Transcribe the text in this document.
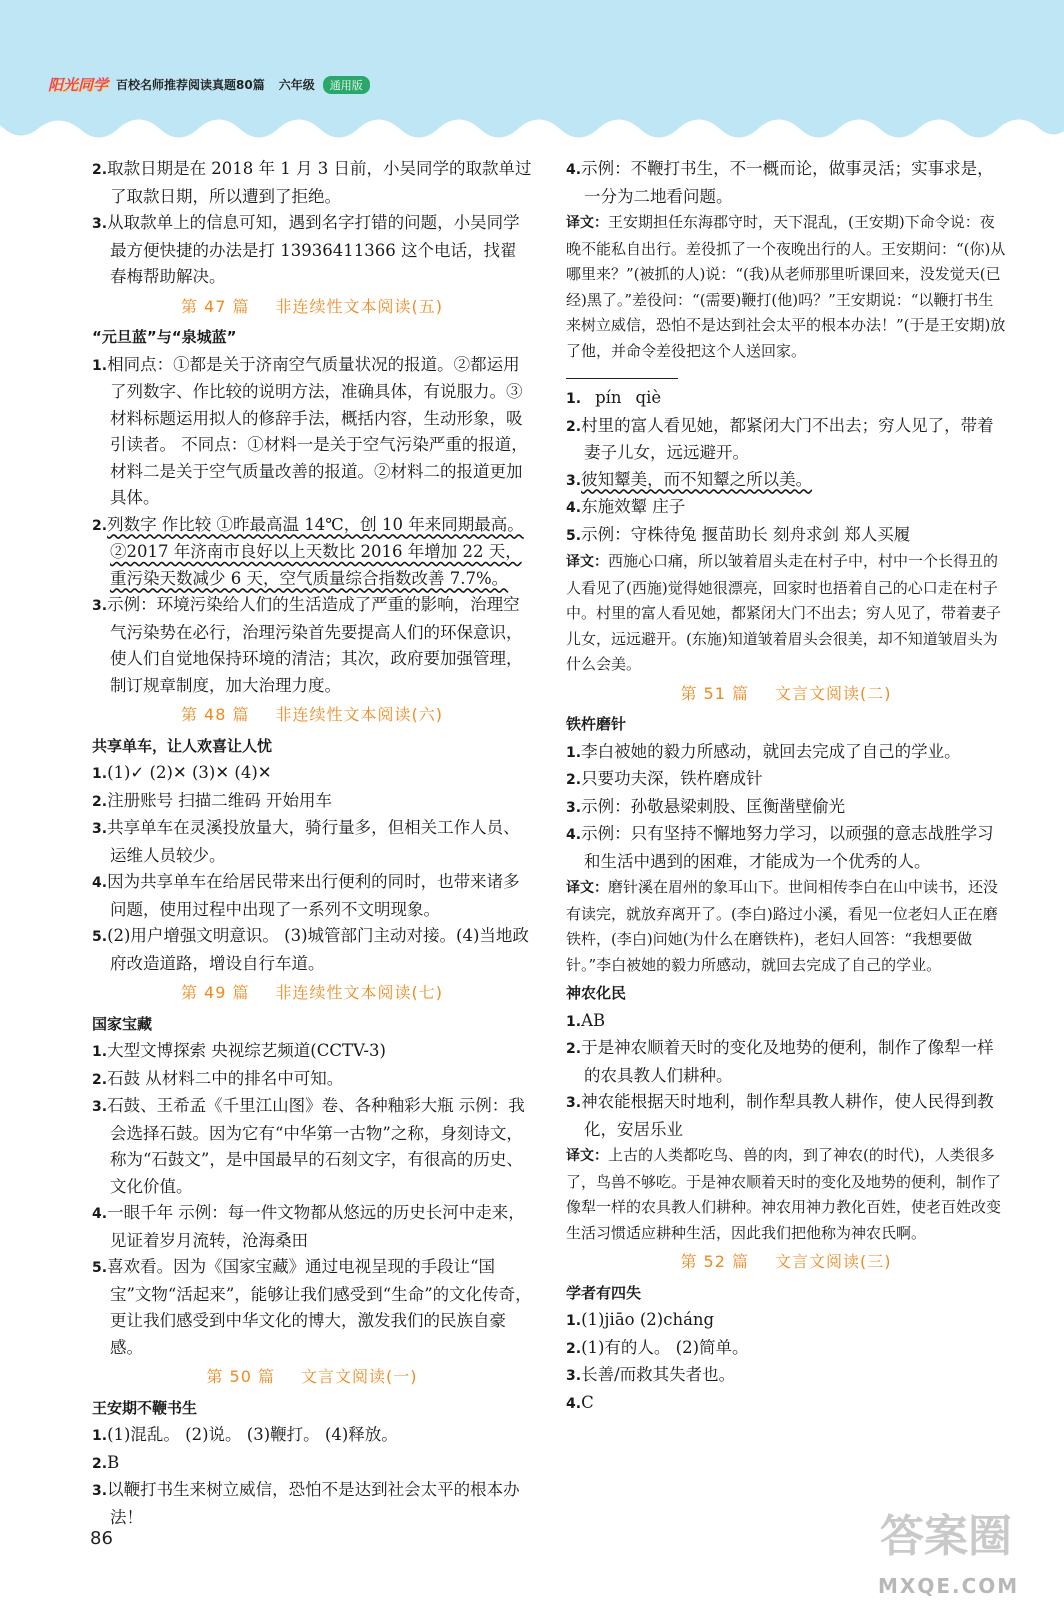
阳光同学 百校名师推荐阅读真题80篇 六年级	通用版

2.取款日期是在 2018 年 1 月 3 日前，小吴同学的取款单过了取款日期，所以遭到了拒绝。

3.从取款单上的信息可知，遇到名字打错的问题，小吴同学最方便快捷的办法是打 13936411366 这个电话，找翟春梅帮助解决。

第 47 篇 非连续性文本阅读(五)
“元旦蓝”与“泉城蓝”

1.相同点：①都是关于济南空气质量状况的报道。②都运用了列数字、作比较的说明方法，准确具体，有说服力。③材料标题运用拟人的修辞手法，概括内容，生动形象，吸引读者。 不同点：①材料一是关于空气污染严重的报道，材料二是关于空气质量改善的报道。②材料二的报道更加具体。

2.列数字 作比较 ①昨最高温 14℃，创 10 年来同期最高。 ②2017 年济南市良好以上天数比 2016 年增加 22 天，重污染天数减少 6 天，空气质量综合指数改善 7.7%。

3.示例：环境污染给人们的生活造成了严重的影响，治理空气污染势在必行，治理污染首先要提高人们的环保意识，使人们自觉地保持环境的清洁；其次，政府要加强管理，制订规章制度，加大治理力度。

第 48 篇 非连续性文本阅读(六)
共享单车，让人欢喜让人忧

1.(1)✓ (2)✕ (3)✕ (4)✕

2.注册账号 扫描二维码 开始用车

3.共享单车在灵溪投放量大，骑行量多，但相关工作人员、运维人员较少。

4.因为共享单车在给居民带来出行便利的同时，也带来诸多问题，使用过程中出现了一系列不文明现象。

5.(2)用户增强文明意识。 (3)城管部门主动对接。(4)当地政府改造道路，增设自行车道。

第 49 篇 非连续性文本阅读(七)
国家宝藏

1.大型文博探索 央视综艺频道(CCTV-3)

2.石鼓 从材料二中的排名中可知。

3.石鼓、王希孟《千里江山图》卷、各种釉彩大瓶 示例：我会选择石鼓。因为它有“中华第一古物”之称，身刻诗文，称为“石鼓文”，是中国最早的石刻文字，有很高的历史、文化价值。

4.一眼千年 示例：每一件文物都从悠远的历史长河中走来，见证着岁月流转，沧海桑田

5.喜欢看。因为《国家宝藏》通过电视呈现的手段让“国宝”文物“活起来”，能够让我们感受到“生命”的文化传奇，更让我们感受到中华文化的博大，激发我们的民族自豪感。

第 50 篇 文言文阅读(一)
王安期不鞭书生

1.(1)混乱。 (2)说。 (3)鞭打。 (4)释放。

2.B

3.以鞭打书生来树立威信，恐怕不是达到社会太平的根本办法！

4.示例：不鞭打书生，不一概而论，做事灵活；实事求是，一分为二地看问题。

译文：王安期担任东海郡守时，天下混乱，(王安期)下命令说：夜晚不能私自出行。差役抓了一个夜晚出行的人。王安期问：“(你)从哪里来？”(被抓的人)说：“(我)从老师那里听课回来，没发觉天(已经)黑了。”差役问：“(需要)鞭打(他)吗？”王安期说：“以鞭打书生来树立威信，恐怕不是达到社会太平的根本办法！”(于是王安期)放了他，并命令差役把这个人送回家。

1. pín qiè

2.村里的富人看见她，都紧闭大门不出去；穷人见了，带着妻子儿女，远远避开。

3.彼知颦美，而不知颦之所以美。

4.东施效颦 庄子

5.示例：守株待兔 揠苗助长 刻舟求剑 郑人买履

译文：西施心口痛，所以皱着眉头走在村子中，村中一个长得丑的人看见了(西施)觉得她很漂亮，回家时也捂着自己的心口走在村子中。村里的富人看见她，都紧闭大门不出去；穷人见了，带着妻子儿女，远远避开。(东施)知道皱着眉头会很美，却不知道皱眉头为什么会美。

第 51 篇 文言文阅读(二)
铁杵磨针

1.李白被她的毅力所感动，就回去完成了自己的学业。

2.只要功夫深，铁杵磨成针

3.示例：孙敬悬梁刺股、匡衡凿壁偷光

4.示例：只有坚持不懈地努力学习，以顽强的意志战胜学习和生活中遇到的困难，才能成为一个优秀的人。

译文：磨针溪在眉州的象耳山下。世间相传李白在山中读书，还没有读完，就放弃离开了。(李白)路过小溪，看见一位老妇人正在磨铁杵，(李白)问她(为什么在磨铁杵)，老妇人回答：“我想要做针。”李白被她的毅力所感动，就回去完成了自己的学业。

神农化民

1.AB

2.于是神农顺着天时的变化及地势的便利，制作了像犁一样的农具教人们耕种。

3.神农能根据天时地利，制作犁具教人耕作，使人民得到教化，安居乐业

译文：上古的人类都吃鸟、兽的肉，到了神农(的时代)，人类很多了，鸟兽不够吃。于是神农顺着天时的变化及地势的便利，制作了像犁一样的农具教人们耕种。神农用神力教化百姓，使老百姓改变生活习惯适应耕种生活，因此我们把他称为神农氏啊。

第 52 篇 文言文阅读(三)
学者有四失

1.(1)jiāo (2)cháng

2.(1)有的人。 (2)简单。

3.长善/而救其失者也。

4.C

86	答案圈
MXQE.COM
